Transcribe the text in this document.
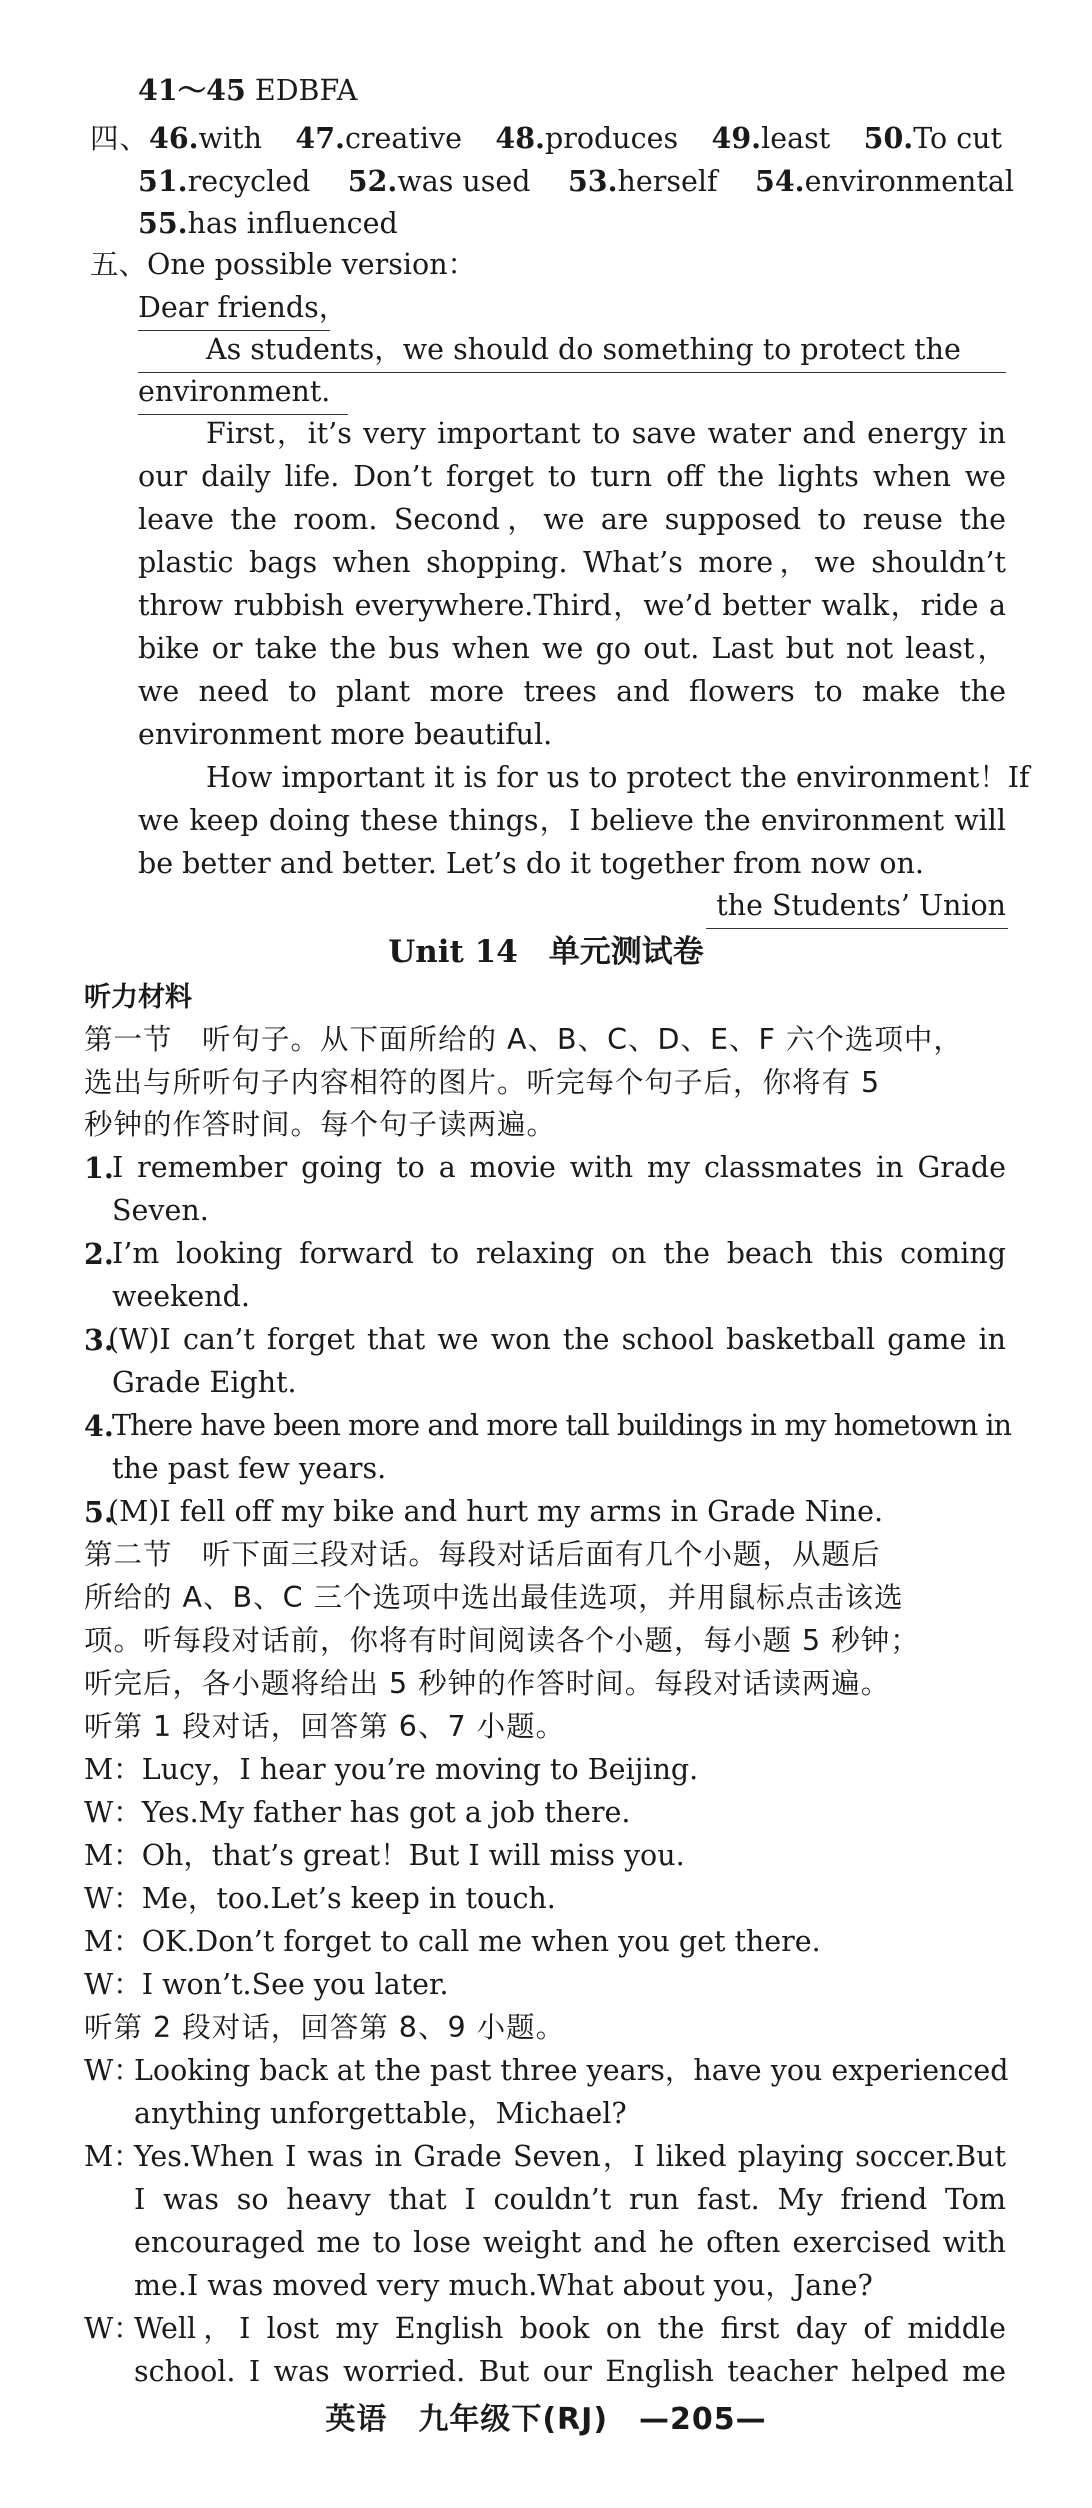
41～45 EDBFA
四、46.with 47.creative 48.produces 49.least 50.To cut
51.recycled 52.was used 53.herself 54.environmental
55.has influenced
五、One possible version：
Dear friends，
As students，we should do something to protect the
environment.
First，it’s very important to save water and energy in
our daily life. Don’t forget to turn off the lights when we
leave the room. Second，we are supposed to reuse the
plastic bags when shopping. What’s more，we shouldn’t
throw rubbish everywhere.Third，we’d better walk，ride a
bike or take the bus when we go out. Last but not least，
we need to plant more trees and flowers to make the
environment more beautiful.
How important it is for us to protect the environment！If
we keep doing these things，I believe the environment will
be better and better. Let’s do it together from now on.
the Students’ Union
Unit 14　单元测试卷
听力材料
第一节　听句子。从下面所给的 A、B、C、D、E、F 六个选项中，
选出与所听句子内容相符的图片。听完每个句子后，你将有 5
秒钟的作答时间。每个句子读两遍。
1.
I remember going to a movie with my classmates in Grade
Seven.
2.
I’m looking forward to relaxing on the beach this coming
weekend.
3.
(W)I can’t forget that we won the school basketball game in
Grade Eight.
4.
There have been more and more tall buildings in my hometown in
the past few years.
5.
(M)I fell off my bike and hurt my arms in Grade Nine.
第二节　听下面三段对话。每段对话后面有几个小题，从题后
所给的 A、B、C 三个选项中选出最佳选项，并用鼠标点击该选
项。听每段对话前，你将有时间阅读各个小题，每小题 5 秒钟；
听完后，各小题将给出 5 秒钟的作答时间。每段对话读两遍。
听第 1 段对话，回答第 6、7 小题。
M：Lucy，I hear you’re moving to Beijing.
W：Yes.My father has got a job there.
M：Oh，that’s great！But I will miss you.
W：Me，too.Let’s keep in touch.
M：OK.Don’t forget to call me when you get there.
W：I won’t.See you later.
听第 2 段对话，回答第 8、9 小题。
W：
Looking back at the past three years，have you experienced
anything unforgettable，Michael?
M：
Yes.When I was in Grade Seven，I liked playing soccer.But
I was so heavy that I couldn’t run fast. My friend Tom
encouraged me to lose weight and he often exercised with
me.I was moved very much.What about you，Jane?
W：
Well，I lost my English book on the first day of middle
school. I was worried. But our English teacher helped me
英语　九年级下(RJ)　—205—
